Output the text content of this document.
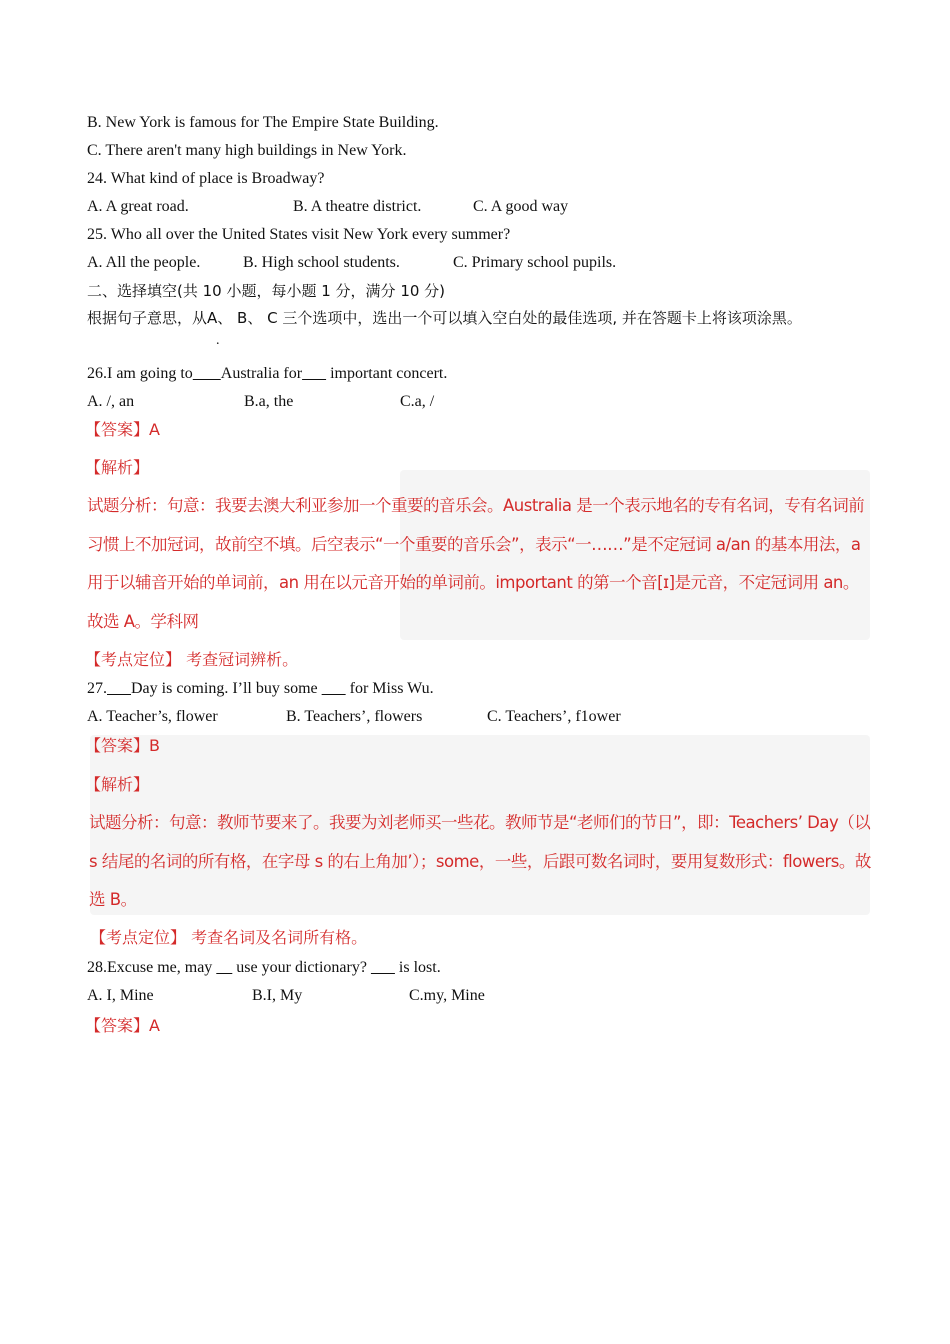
B. New York is famous for The Empire State Building.
C. There aren't many high buildings in New York.
24. What kind of place is Broadway?
A. A great road.	B. A theatre district.	C. A good way
25. Who all over the United States visit New York every summer?
A. All the people.	B. High school students.	C. Primary school pupils.
二、选择填空(共 10 小题，每小题 1 分，满分 10 分)
根据句子意思，从A、 B、 C 三个选项中，选出一个可以填入空白处的最佳选项, 并在答题卡上将该项涂黑。
.
26.I am going to Australia for       important concert.
A. /, an	B.a, the	C.a, /
【答案】A
【解析】
试题分析：句意：我要去澳大利亚参加一个重要的音乐会。Australia 是一个表示地名的专有名词，专有名词前习惯上不加冠词，故前空不填。后空表示“一个重要的音乐会”，表示“一……”是不定冠词 a/an 的基本用法，a 用于以辅音开始的单词前，an 用在以元音开始的单词前。important 的第一个音[ɪ]是元音，不定冠词用 an。故选 A。学科网
【考点定位】 考查冠词辨析。
27. Day is coming. I’ll buy some        for Miss Wu.
A. Teacher’s, flower	B. Teachers’, flowers	C. Teachers’, f1ower
【答案】B
【解析】
试题分析：句意：教师节要来了。我要为刘老师买一些花。教师节是“老师们的节日”，即：Teachers’ Day（以 s 结尾的名词的所有格，在字母 s 的右上角加’）；some，一些，后跟可数名词时，要用复数形式：flowers。故选 B。
【考点定位】 考查名词及名词所有格。
28.Excuse me, may      use your dictionary?        is lost.
A. I, Mine	B.I, My	C.my, Mine
【答案】A
